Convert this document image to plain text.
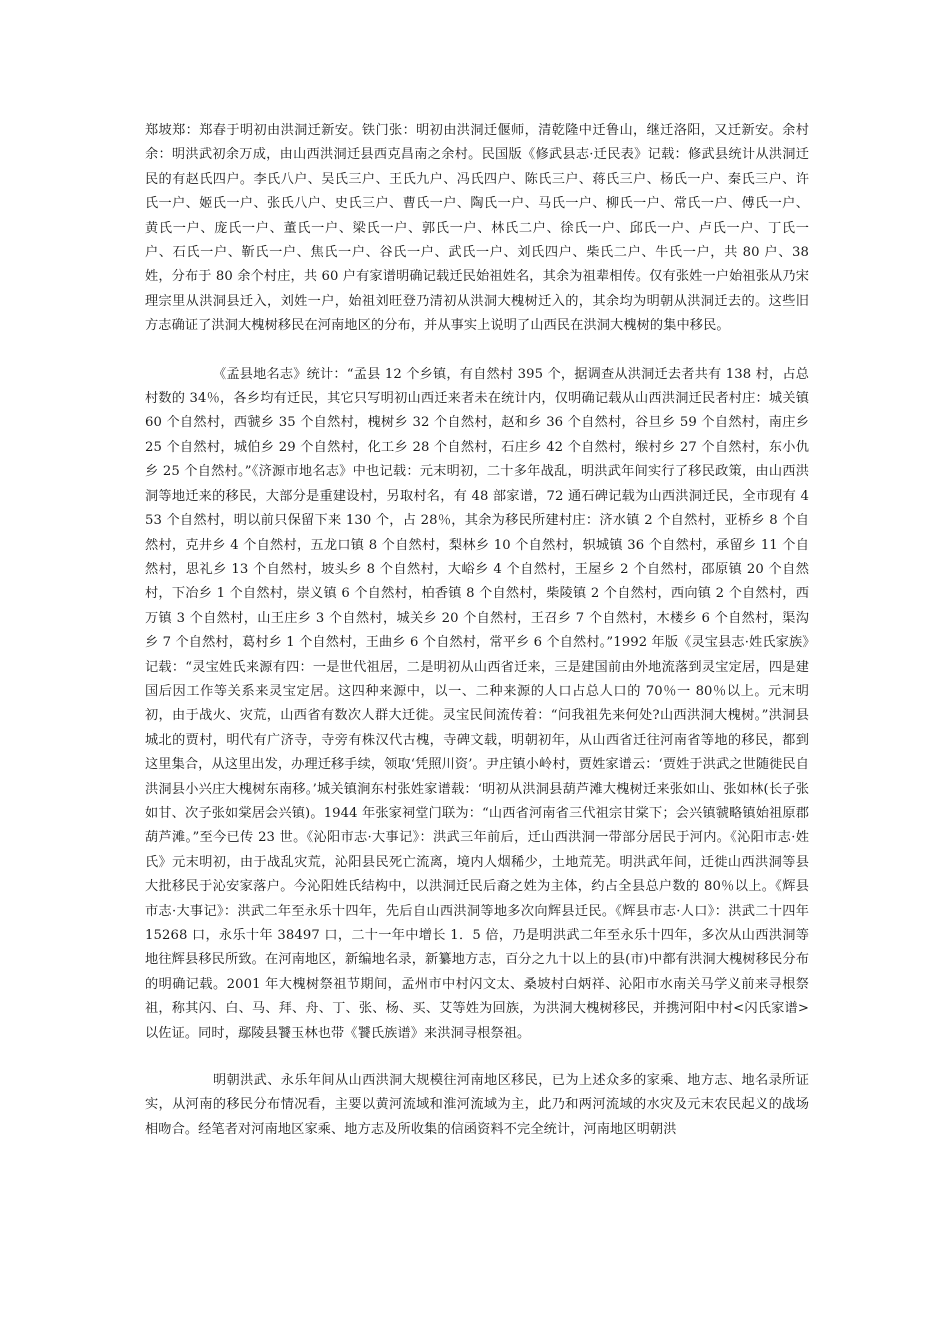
郑坡郑：郑春于明初由洪洞迁新安。铁门张：明初由洪洞迁偃师，清乾隆中迁鲁山，继迁洛阳，又迁新安。余村余：明洪武初余万成，由山西洪洞迁县西克昌南之余村。民国版《修武县志·迁民表》记载：修武县统计从洪洞迁民的有赵氏四户。李氏八户、吴氏三户、王氏九户、冯氏四户、陈氏三户、蒋氏三户、杨氏一户、秦氏三户、许氏一户、姬氏一户、张氏八户、史氏三户、曹氏一户、陶氏一户、马氏一户、柳氏一户、常氏一户、傅氏一户、黄氏一户、庞氏一户、董氏一户、梁氏一户、郭氏一户、林氏二户、徐氏一户、邱氏一户、卢氏一户、丁氏一户、石氏一户、靳氏一户、焦氏一户、谷氏一户、武氏一户、刘氏四户、柴氏二户、牛氏一户，共 80 户、38 姓，分布于 80 余个村庄，共 60 户有家谱明确记载迁民始祖姓名，其余为祖辈相传。仅有张姓一户始祖张从乃宋理宗里从洪洞县迁入，刘姓一户，始祖刘旺登乃清初从洪洞大槐树迁入的，其余均为明朝从洪洞迁去的。这些旧方志确证了洪洞大槐树移民在河南地区的分布，并从事实上说明了山西民在洪洞大槐树的集中移民。

《孟县地名志》统计：“孟县 12 个乡镇，有自然村 395 个，据调查从洪洞迁去者共有 138 村，占总村数的 34％，各乡均有迁民，其它只写明初山西迁来者未在统计内，仅明确记载从山西洪洞迁民者村庄：城关镇 60 个自然村，西虢乡 35 个自然村，槐树乡 32 个自然村，赵和乡 36 个自然村，谷旦乡 59 个自然村，南庄乡 25 个自然村，城伯乡 29 个自然村，化工乡 28 个自然村，石庄乡 42 个自然村，缑村乡 27 个自然村，东小仇乡 25 个自然村。”《济源市地名志》中也记载：元末明初，二十多年战乱，明洪武年间实行了移民政策，由山西洪洞等地迁来的移民，大部分是重建设村，另取村名，有 48 部家谱，72 通石碑记载为山西洪洞迁民，全市现有 453 个自然村，明以前只保留下来 130 个，占 28％，其余为移民所建村庄：济水镇 2 个自然村，亚桥乡 8 个自然村，克井乡 4 个自然村，五龙口镇 8 个自然村，梨林乡 10 个自然村，轵城镇 36 个自然村，承留乡 11 个自然村，思礼乡 13 个自然村，坡头乡 8 个自然村，大峪乡 4 个自然村，王屋乡 2 个自然村，邵原镇 20 个自然村，下冶乡 1 个自然村，崇义镇 6 个自然村，柏香镇 8 个自然村，柴陵镇 2 个自然村，西向镇 2 个自然村，西万镇 3 个自然村，山王庄乡 3 个自然村，城关乡 20 个自然村，王召乡 7 个自然村，木楼乡 6 个自然村，渠沟乡 7 个自然村，葛村乡 1 个自然村，王曲乡 6 个自然村，常平乡 6 个自然村。”1992 年版《灵宝县志·姓氏家族》记载：“灵宝姓氏来源有四：一是世代祖居，二是明初从山西省迁来，三是建国前由外地流落到灵宝定居，四是建国后因工作等关系来灵宝定居。这四种来源中，以一、二种来源的人口占总人口的 70％一 80％以上。元末明初，由于战火、灾荒，山西省有数次人群大迁徙。灵宝民间流传着：“问我祖先来何处?山西洪洞大槐树。”洪洞县城北的贾村，明代有广济寺，寺旁有株汉代古槐，寺碑文载，明朝初年，从山西省迁往河南省等地的移民，都到这里集合，从这里出发，办理迁移手续，领取‘凭照川资’。尹庄镇小岭村，贾姓家谱云：‘贾姓于洪武之世随徙民自洪洞县小兴庄大槐树东南移。’城关镇涧东村张姓家谱载：‘明初从洪洞县葫芦滩大槐树迁来张如山、张如林(长子张如甘、次子张如棠居会兴镇)。1944 年张家祠堂门联为：“山西省河南省三代祖宗甘棠下；会兴镇虢略镇始祖原郡葫芦滩。”至今已传 23 世。《沁阳市志·大事记》：洪武三年前后，迁山西洪洞一带部分居民于河内。《沁阳市志·姓氏》元末明初，由于战乱灾荒，沁阳县民死亡流离，境内人烟稀少，土地荒芜。明洪武年间，迁徙山西洪洞等县大批移民于沁安家落户。今沁阳姓氏结构中，以洪洞迁民后裔之姓为主体，约占全县总户数的 80％以上。《辉县市志·大事记》：洪武二年至永乐十四年，先后自山西洪洞等地多次向辉县迁民。《辉县市志·人口》：洪武二十四年 15268 口，永乐十年 38497 口，二十一年中增长 1．5 倍，乃是明洪武二年至永乐十四年，多次从山西洪洞等地往辉县移民所致。在河南地区，新编地名录，新纂地方志，百分之九十以上的县(市)中都有洪洞大槐树移民分布的明确记载。2001 年大槐树祭祖节期间，孟州市中村闪文太、桑坡村白炳祥、沁阳市水南关马学义前来寻根祭祖，称其闪、白、马、拜、舟、丁、张、杨、买、艾等姓为回族，为洪洞大槐树移民，并携河阳中村<闪氏家谱>以佐证。同时，鄢陵县饕玉林也带《饕氏族谱》来洪洞寻根祭祖。

明朝洪武、永乐年间从山西洪洞大规模往河南地区移民，已为上述众多的家乘、地方志、地名录所证实，从河南的移民分布情况看，主要以黄河流域和淮河流域为主，此乃和两河流域的水灾及元末农民起义的战场相吻合。经笔者对河南地区家乘、地方志及所收集的信函资料不完全统计，河南地区明朝洪
